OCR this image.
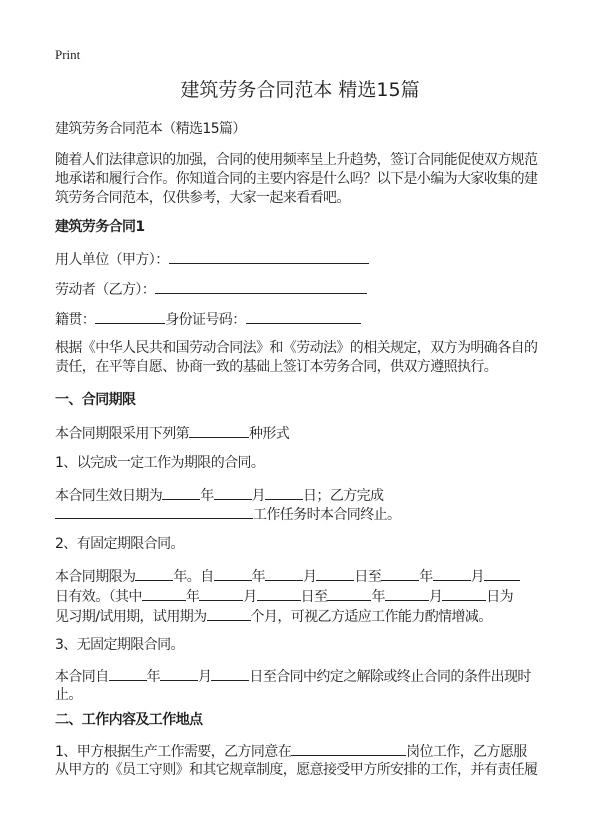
Print
建筑劳务合同范本 精选15篇
建筑劳务合同范本（精选15篇）
随着人们法律意识的加强，合同的使用频率呈上升趋势，签订合同能促使双方规范
地承诺和履行合作。你知道合同的主要内容是什么吗？以下是小编为大家收集的建
筑劳务合同范本，仅供参考，大家一起来看看吧。
建筑劳务合同1
用人单位（甲方）：
劳动者（乙方）：
籍贯：	身份证号码：
根据《中华人民共和国劳动合同法》和《劳动法》的相关规定，双方为明确各自的
责任，在平等自愿、协商一致的基础上签订本劳务合同，供双方遵照执行。
一、合同期限
本合同期限采用下列第	种形式
1、以完成一定工作为期限的合同。
本合同生效日期为	年	月	日；乙方完成
工作任务时本合同终止。
2、有固定期限合同。
本合同期限为	年。自	年	月	日至	年	月
日有效。（其中	年	月	日至	年	月	日为
见习期/试用期，试用期为	个月，可视乙方适应工作能力酌情增减。
3、无固定期限合同。
本合同自	年	月	日至合同中约定之解除或终止合同的条件出现时
止。
二、工作内容及工作地点
1、甲方根据生产工作需要，乙方同意在	岗位工作，乙方愿服
从甲方的《员工守则》和其它规章制度，愿意接受甲方所安排的工作，并有责任履
